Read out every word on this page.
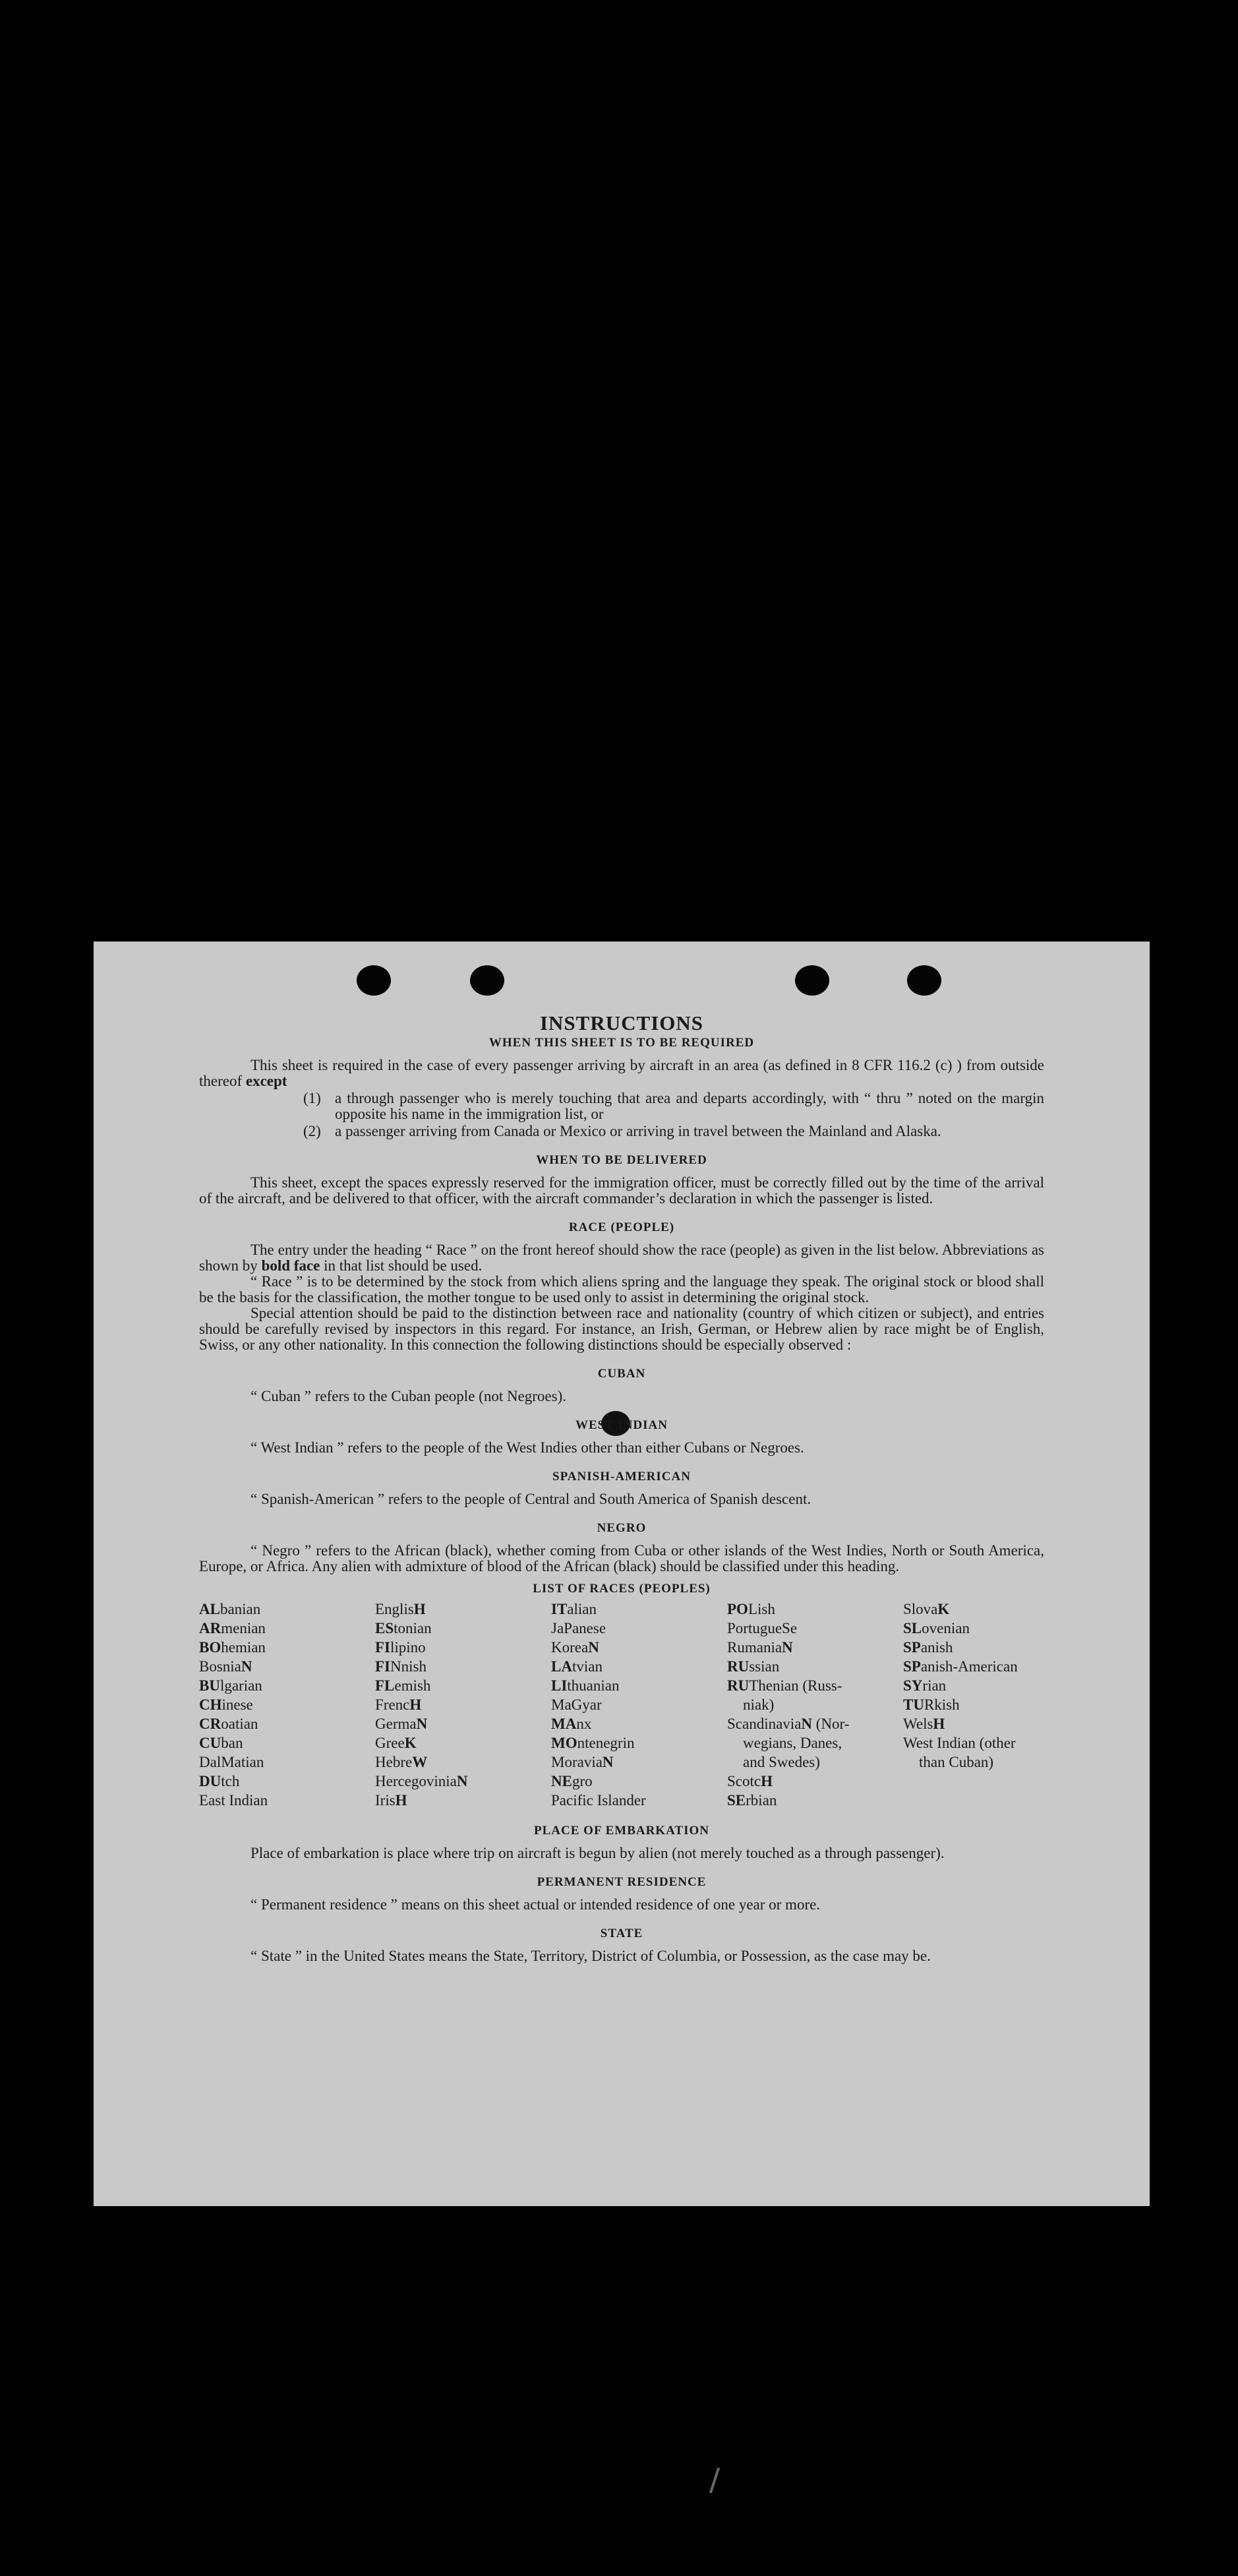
INSTRUCTIONS
WHEN THIS SHEET IS TO BE REQUIRED

This sheet is required in the case of every passenger arriving by aircraft in an area (as defined in 8 CFR 116.2 (c) ) from outside thereof except

(1) a through passenger who is merely touching that area and departs accordingly, with “ thru ” noted on the margin opposite his name in the immigration list, or
(2) a passenger arriving from Canada or Mexico or arriving in travel between the Mainland and Alaska.
WHEN TO BE DELIVERED

This sheet, except the spaces expressly reserved for the immigration officer, must be correctly filled out by the time of the arrival of the aircraft, and be delivered to that officer, with the aircraft commander’s declaration in which the passenger is listed.

RACE (PEOPLE)

The entry under the heading “ Race ” on the front hereof should show the race (people) as given in the list below. Abbreviations as shown by bold face in that list should be used.

“ Race ” is to be determined by the stock from which aliens spring and the language they speak. The original stock or blood shall be the basis for the classification, the mother tongue to be used only to assist in determining the original stock.

Special attention should be paid to the distinction between race and nationality (country of which citizen or subject), and entries should be carefully revised by inspectors in this regard. For instance, an Irish, German, or Hebrew alien by race might be of English, Swiss, or any other nationality. In this connection the following distinctions should be especially observed :

CUBAN

“ Cuban ” refers to the Cuban people (not Negroes).

WEST INDIAN

“ West Indian ” refers to the people of the West Indies other than either Cubans or Negroes.

SPANISH-AMERICAN

“ Spanish-American ” refers to the people of Central and South America of Spanish descent.

NEGRO

“ Negro ” refers to the African (black), whether coming from Cuba or other islands of the West Indies, North or South America, Europe, or Africa. Any alien with admixture of blood of the African (black) should be classified under this heading.

LIST OF RACES (PEOPLES)
ALbanian
ARmenian
BOhemian
BosniaN
BUlgarian
CHinese
CRoatian
CUban
DalMatian
DUtch
East Indian
EnglisH
EStonian
FIlipino
FINnish
FLemish
FrencH
GermaN
GreeK
HebreW
HercegoviniaN
IrisH
ITalian
JaPanese
KoreaN
LAtvian
LIthuanian
MaGyar
MAnx
MOntenegrin
MoraviaN
NEgro
Pacific Islander
POLish
PortugueSe
RumaniaN
RUssian
RUThenian (Russ-
niak)
ScandinaviaN (Nor-
wegians, Danes,
and Swedes)
ScotcH
SErbian
SlovaK
SLovenian
SPanish
SPanish-American
SYrian
TURkish
WelsH
West Indian (other
than Cuban)
PLACE OF EMBARKATION

Place of embarkation is place where trip on aircraft is begun by alien (not merely touched as a through passenger).

PERMANENT RESIDENCE

“ Permanent residence ” means on this sheet actual or intended residence of one year or more.

STATE

“ State ” in the United States means the State, Territory, District of Columbia, or Possession, as the case may be.
